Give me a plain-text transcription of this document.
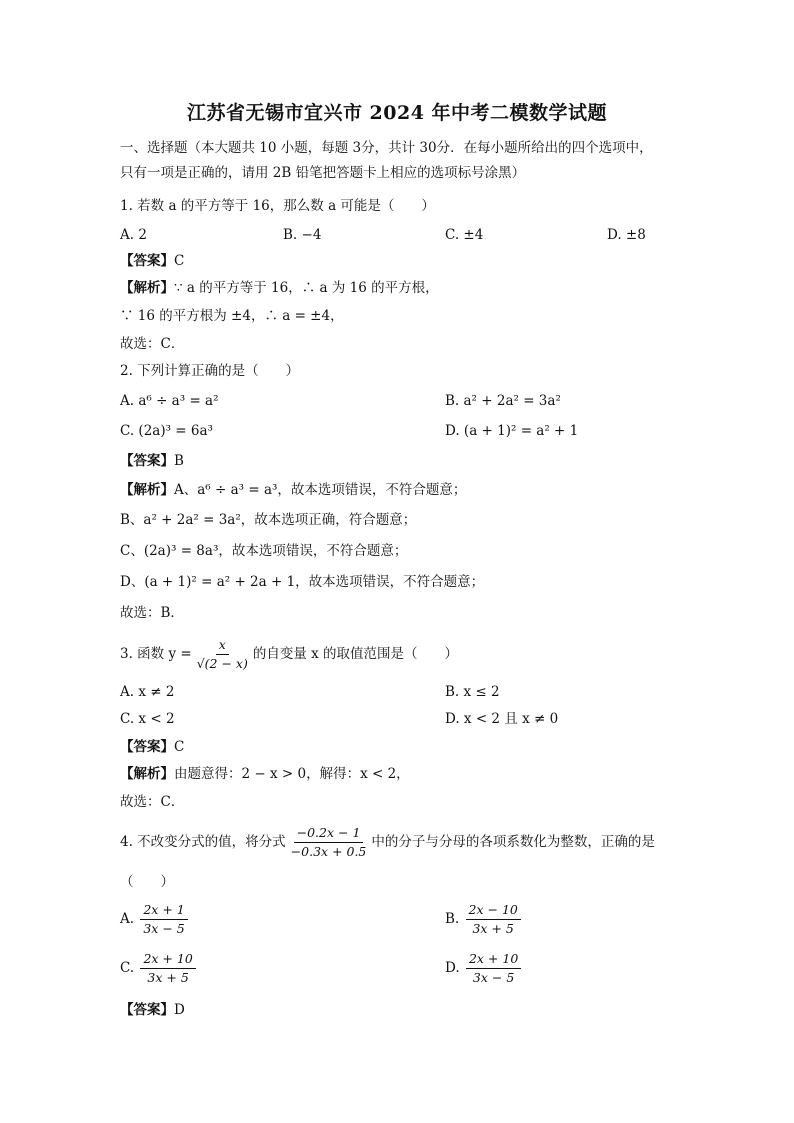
江苏省无锡市宜兴市 2024 年中考二模数学试题
一、选择题（本大题共 10 小题，每题 3分，共计 30分．在每小题所给出的四个选项中，
只有一项是正确的，请用 2B 铅笔把答题卡上相应的选项标号涂黑）
1. 若数 a 的平方等于 16，那么数 a 可能是（　　）
A. 2	B. −4	C. ±4	D. ±8
【答案】C
【解析】∵ a 的平方等于 16，∴ a 为 16 的平方根，
∵ 16 的平方根为 ±4，∴ a = ±4，
故选：C．
2. 下列计算正确的是（　　）
A. a⁶ ÷ a³ = a²	B. a² + 2a² = 3a²
C. (2a)³ = 6a³	D. (a + 1)² = a² + 1
【答案】B
【解析】A、a⁶ ÷ a³ = a³，故本选项错误，不符合题意；
B、a² + 2a² = 3a²，故本选项正确，符合题意；
C、(2a)³ = 8a³，故本选项错误，不符合题意；
D、(a + 1)² = a² + 2a + 1，故本选项错误，不符合题意；
故选：B．
3. 函数 $y = \frac{x}{√(2 - x)}$ 的自变量 x 的取值范围是（　　）
A. x ≠ 2	B. x ≤ 2
C. x < 2	D. x < 2 且 x ≠ 0
【答案】C
【解析】由题意得：2 − x > 0，解得：x < 2，
故选：C．
4. 不改变分式的值，将分式 $\frac{-0.2x - 1}{-0.3x + 0.5}$ 中的分子与分母的各项系数化为整数，正确的是
（　　）
A. $\frac{2x + 1}{3x - 5}$	B. $\frac{2x - 10}{3x + 5}$
C. $\frac{2x + 10}{3x + 5}$	D. $\frac{2x + 10}{3x - 5}$
【答案】D
